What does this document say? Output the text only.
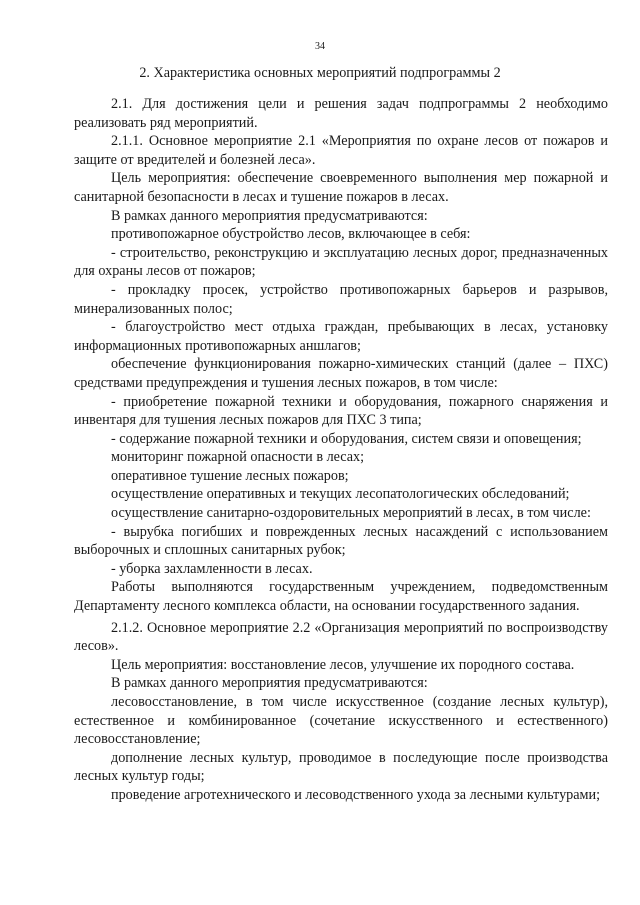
34
2. Характеристика основных мероприятий подпрограммы 2

2.1. Для достижения цели и решения задач подпрограммы 2 необходимо реализовать ряд мероприятий.

2.1.1. Основное мероприятие 2.1 «Мероприятия по охране лесов от пожаров и защите от вредителей и болезней леса».

Цель мероприятия: обеспечение своевременного выполнения мер пожарной и санитарной безопасности в лесах и тушение пожаров в лесах.

В рамках данного мероприятия предусматриваются:

противопожарное обустройство лесов, включающее в себя:

- строительство, реконструкцию и эксплуатацию лесных дорог, предназначенных для охраны лесов от пожаров;

- прокладку просек, устройство противопожарных барьеров и разрывов, минерализованных полос;

- благоустройство мест отдыха граждан, пребывающих в лесах, установку информационных противопожарных аншлагов;

обеспечение функционирования пожарно-химических станций (далее – ПХС) средствами предупреждения и тушения лесных пожаров, в том числе:

- приобретение пожарной техники и оборудования, пожарного снаряжения и инвентаря для тушения лесных пожаров для ПХС 3 типа;

- содержание пожарной техники и оборудования, систем связи и оповещения;

мониторинг пожарной опасности в лесах;

оперативное тушение лесных пожаров;

осуществление оперативных и текущих лесопатологических обследований;

осуществление санитарно-оздоровительных мероприятий в лесах, в том числе:

- вырубка погибших и поврежденных лесных насаждений с использованием выборочных и сплошных санитарных рубок;

- уборка захламленности в лесах.

Работы выполняются государственным учреждением, подведомственным Департаменту лесного комплекса области, на основании государственного задания.

2.1.2. Основное мероприятие 2.2 «Организация мероприятий по воспроизводству лесов».

Цель мероприятия: восстановление лесов, улучшение их породного состава.

В рамках данного мероприятия предусматриваются:

лесовосстановление, в том числе искусственное (создание лесных культур), естественное и комбинированное (сочетание искусственного и естественного) лесовосстановление;

дополнение лесных культур, проводимое в последующие после производства лесных культур годы;

проведение агротехнического и лесоводственного ухода за лесными культурами;
